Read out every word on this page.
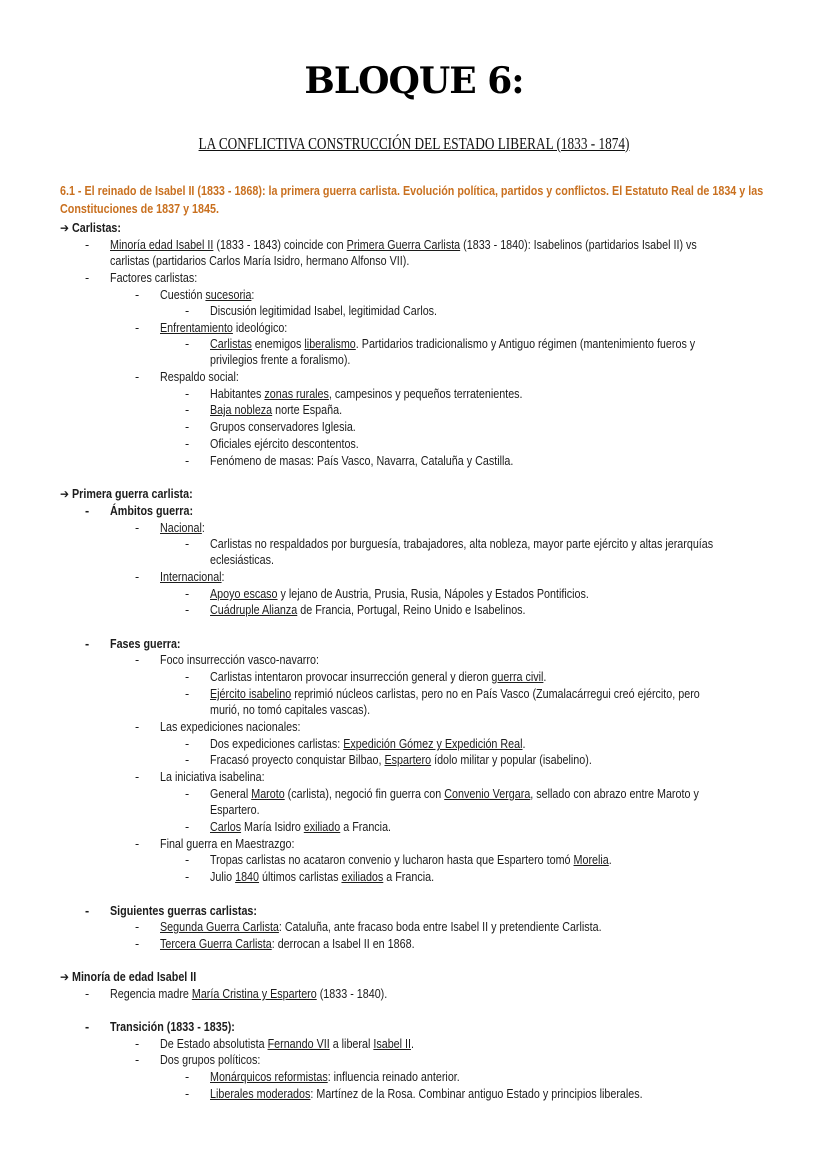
BLOQUE 6:
LA CONFLICTIVA CONSTRUCCIÓN DEL ESTADO LIBERAL (1833 - 1874)
6.1 - El reinado de Isabel II (1833 - 1868): la primera guerra carlista. Evolución política, partidos y conflictos. El Estatuto Real de 1834 y las Constituciones de 1837 y 1845.
➔ Carlistas:
- Minoría edad Isabel II (1833 - 1843) coincide con Primera Guerra Carlista (1833 - 1840): Isabelinos (partidarios Isabel II) vs
carlistas (partidarios Carlos María Isidro, hermano Alfonso VII).
- Factores carlistas:
- Cuestión sucesoria:
- Discusión legitimidad Isabel, legitimidad Carlos.
- Enfrentamiento ideológico:
- Carlistas enemigos liberalismo. Partidarios tradicionalismo y Antiguo régimen (mantenimiento fueros y
privilegios frente a foralismo).
- Respaldo social:
- Habitantes zonas rurales, campesinos y pequeños terratenientes.
- Baja nobleza norte España.
- Grupos conservadores Iglesia.
- Oficiales ejército descontentos.
- Fenómeno de masas: País Vasco, Navarra, Cataluña y Castilla.
➔ Primera guerra carlista:
- Ámbitos guerra:
- Nacional:
- Carlistas no respaldados por burguesía, trabajadores, alta nobleza, mayor parte ejército y altas jerarquías
eclesiásticas.
- Internacional:
- Apoyo escaso y lejano de Austria, Prusia, Rusia, Nápoles y Estados Pontificios.
- Cuádruple Alianza de Francia, Portugal, Reino Unido e Isabelinos.
- Fases guerra:
- Foco insurrección vasco-navarro:
- Carlistas intentaron provocar insurrección general y dieron guerra civil.
- Ejército isabelino reprimió núcleos carlistas, pero no en País Vasco (Zumalacárregui creó ejército, pero
murió, no tomó capitales vascas).
- Las expediciones nacionales:
- Dos expediciones carlistas: Expedición Gómez y Expedición Real.
- Fracasó proyecto conquistar Bilbao, Espartero ídolo militar y popular (isabelino).
- La iniciativa isabelina:
- General Maroto (carlista), negoció fin guerra con Convenio Vergara, sellado con abrazo entre Maroto y
Espartero.
- Carlos María Isidro exiliado a Francia.
- Final guerra en Maestrazgo:
- Tropas carlistas no acataron convenio y lucharon hasta que Espartero tomó Morelia.
- Julio 1840 últimos carlistas exiliados a Francia.
- Siguientes guerras carlistas:
- Segunda Guerra Carlista: Cataluña, ante fracaso boda entre Isabel II y pretendiente Carlista.
- Tercera Guerra Carlista: derrocan a Isabel II en 1868.
➔ Minoría de edad Isabel II
- Regencia madre María Cristina y Espartero (1833 - 1840).
- Transición (1833 - 1835):
- De Estado absolutista Fernando VII a liberal Isabel II.
- Dos grupos políticos:
- Monárquicos reformistas: influencia reinado anterior.
- Liberales moderados: Martínez de la Rosa. Combinar antiguo Estado y principios liberales.
